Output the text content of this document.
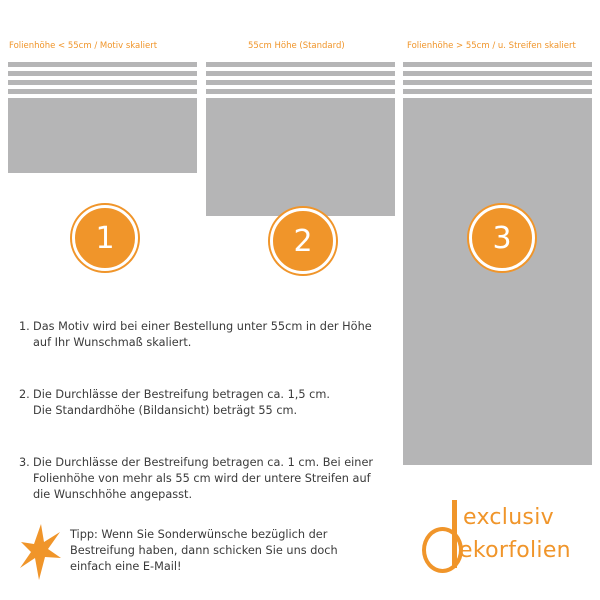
Folienhöhe < 55cm / Motiv skaliert
1
55cm Höhe (Standard)
2
Folienhöhe > 55cm / u. Streifen skaliert
3
1. Das Motiv wird bei einer Bestellung unter 55cm in der Höhe
auf Ihr Wunschmaß skaliert.
2. Die Durchlässe der Bestreifung betragen ca. 1,5 cm.
Die Standardhöhe (Bildansicht) beträgt 55 cm.
3. Die Durchlässe der Bestreifung betragen ca. 1 cm. Bei einer
Folienhöhe von mehr als 55 cm wird der untere Streifen auf
die Wunschhöhe angepasst.
Tipp: Wenn Sie Sonderwünsche bezüglich der
Bestreifung haben, dann schicken Sie uns doch
einfach eine E-Mail!
exclusiv
ekorfolien
